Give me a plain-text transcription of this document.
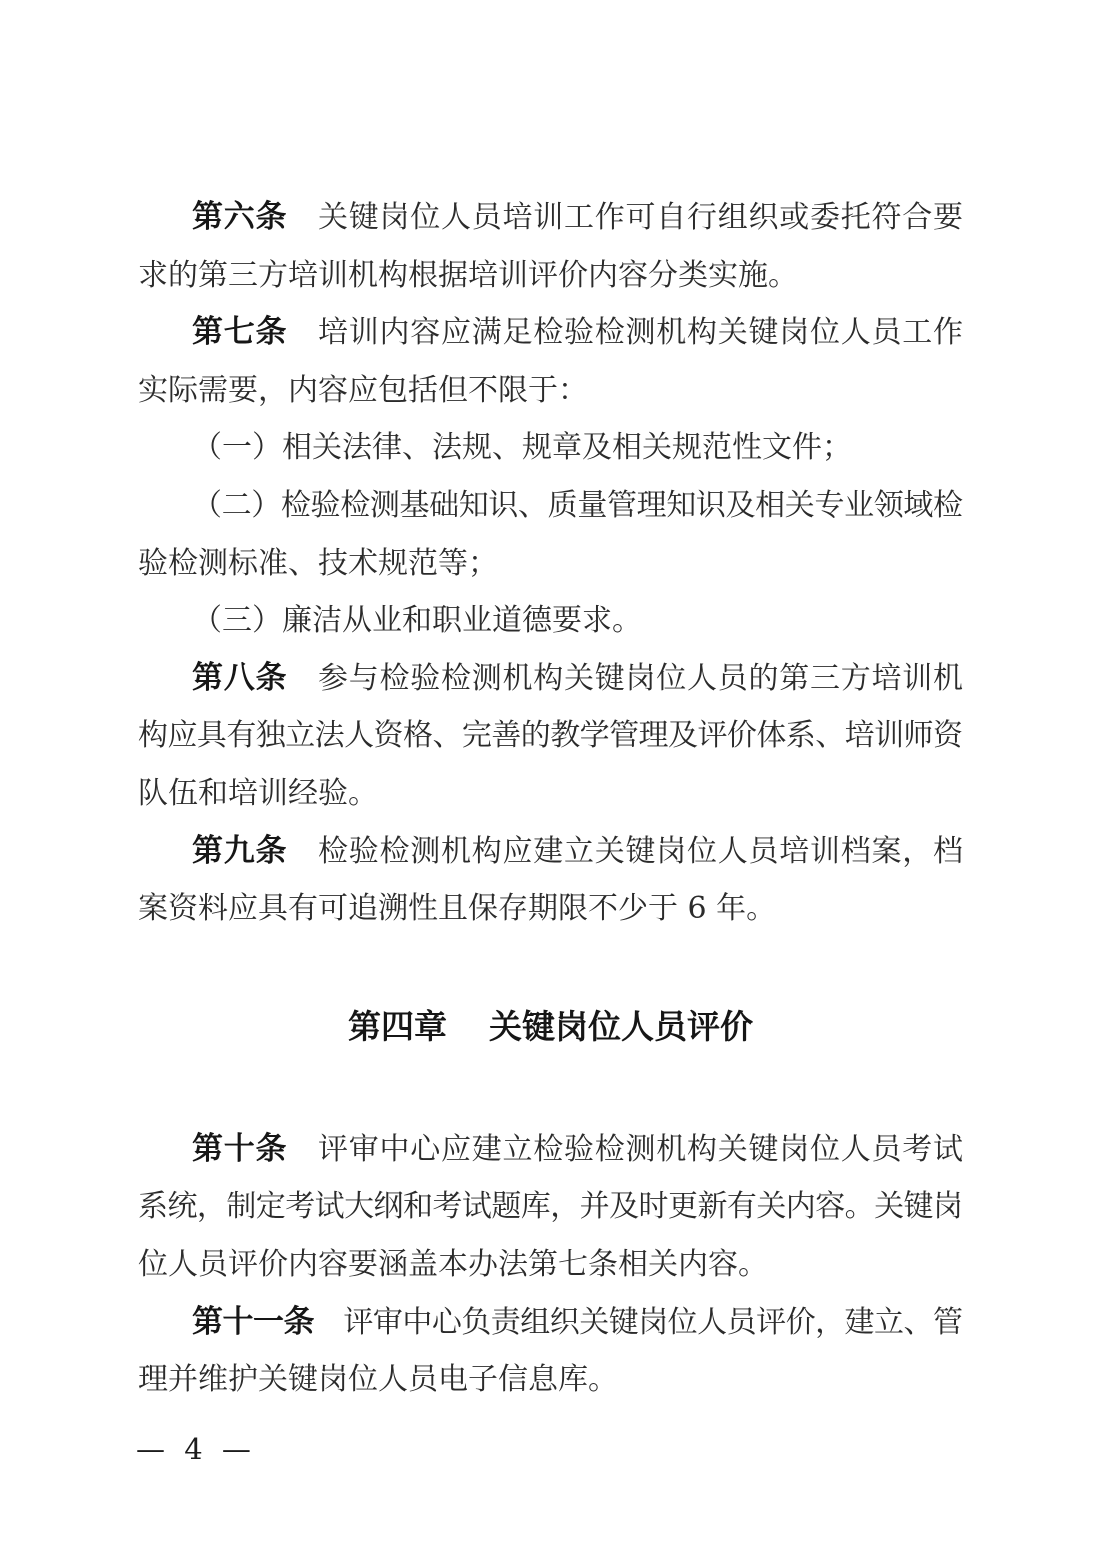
第六条　关键岗位人员培训工作可自行组织或委托符合要
求的第三方培训机构根据培训评价内容分类实施。
第七条　培训内容应满足检验检测机构关键岗位人员工作
实际需要，内容应包括但不限于：
（一）相关法律、法规、规章及相关规范性文件；
（二）检验检测基础知识、质量管理知识及相关专业领域检
验检测标准、技术规范等；
（三）廉洁从业和职业道德要求。
第八条　参与检验检测机构关键岗位人员的第三方培训机
构应具有独立法人资格、完善的教学管理及评价体系、培训师资
队伍和培训经验。
第九条　检验检测机构应建立关键岗位人员培训档案，档
案资料应具有可追溯性且保存期限不少于 6 年。
第四章 关键岗位人员评价
第十条　评审中心应建立检验检测机构关键岗位人员考试
系统，制定考试大纲和考试题库，并及时更新有关内容。关键岗
位人员评价内容要涵盖本办法第七条相关内容。
第十一条　评审中心负责组织关键岗位人员评价，建立、管
理并维护关键岗位人员电子信息库。
— 4 —
